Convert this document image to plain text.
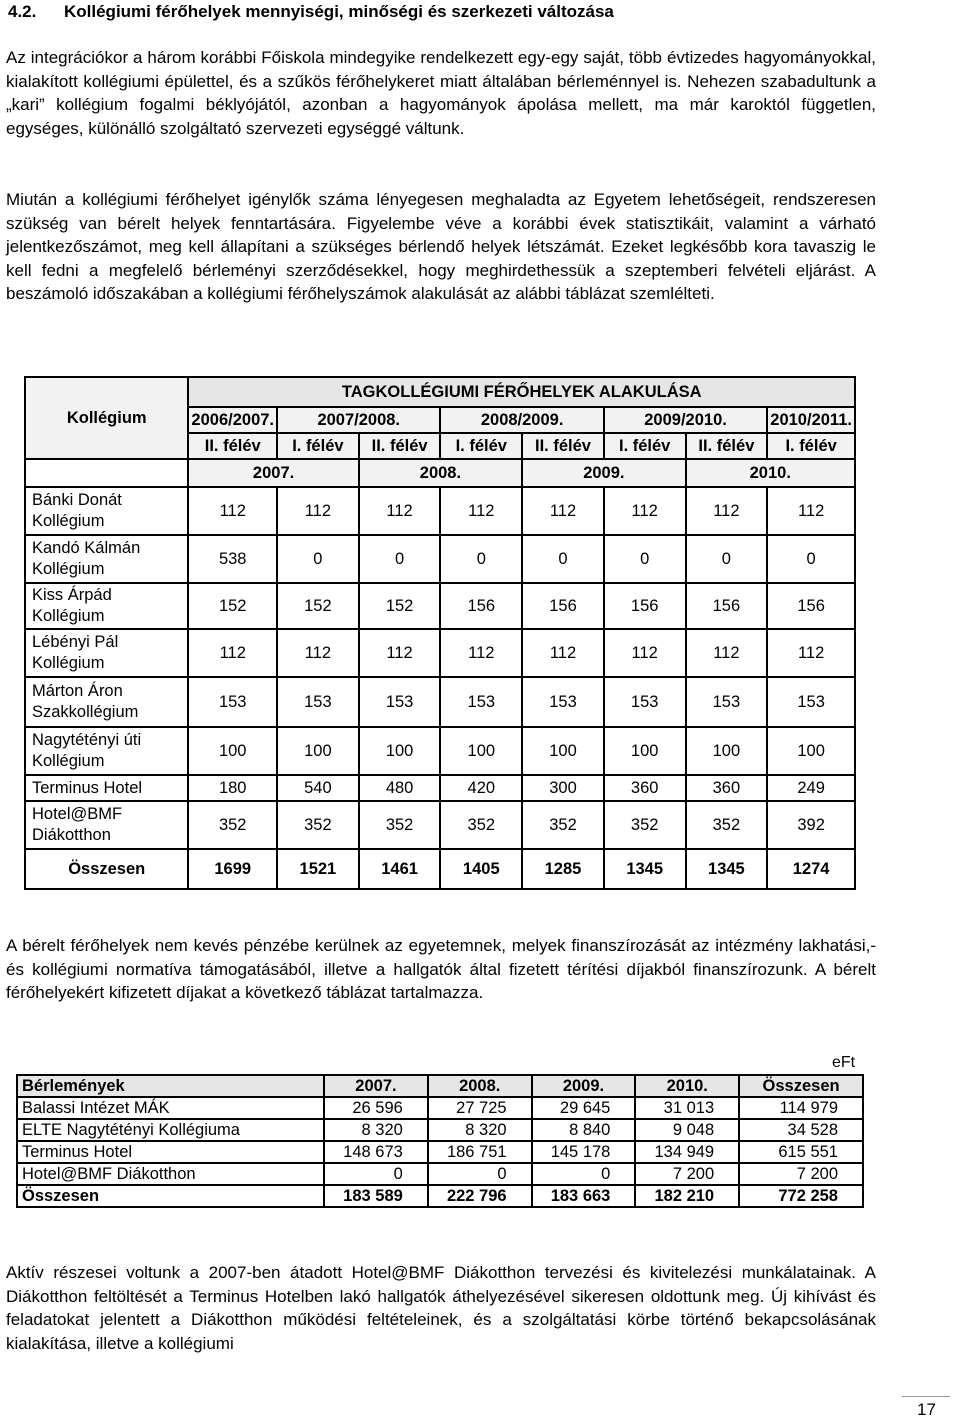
4.2. Kollégiumi férőhelyek mennyiségi, minőségi és szerkezeti változása

Az integrációkor a három korábbi Főiskola mindegyike rendelkezett egy-egy saját, több évtizedes hagyományokkal, kialakított kollégiumi épülettel, és a szűkös férőhelykeret miatt általában bérleménnyel is. Nehezen szabadultunk a „kari” kollégium fogalmi béklyójától, azonban a hagyományok ápolása mellett, ma már karoktól független, egységes, különálló szolgáltató szervezeti egységgé váltunk.

Miután a kollégiumi férőhelyet igénylők száma lényegesen meghaladta az Egyetem lehetőségeit, rendszeresen szükség van bérelt helyek fenntartására. Figyelembe véve a korábbi évek statisztikáit, valamint a várható jelentkezőszámot, meg kell állapítani a szükséges bérlendő helyek létszámát. Ezeket legkésőbb kora tavaszig le kell fedni a megfelelő bérleményi szerződésekkel, hogy meghirdethessük a szeptemberi felvételi eljárást. A beszámoló időszakában a kollégiumi férőhelyszámok alakulását az alábbi táblázat szemlélteti.

Kollégium	TAGKOLLÉGIUMI FÉRŐHELYEK ALAKULÁSA							
	2006/2007.	2007/2008.		2008/2009.		2009/2010.		2010/2011.
	II. félév	I. félév	II. félév	I. félév	II. félév	I. félév	II. félév	I. félév
	2007.		2008.		2009.		2010.	
Bánki Donát Kollégium	112	112	112	112	112	112	112	112
Kandó Kálmán Kollégium	538	0	0	0	0	0	0	0
Kiss Árpád Kollégium	152	152	152	156	156	156	156	156
Lébényi Pál Kollégium	112	112	112	112	112	112	112	112
Márton Áron Szakkollégium	153	153	153	153	153	153	153	153
Nagytétényi úti Kollégium	100	100	100	100	100	100	100	100
Terminus Hotel	180	540	480	420	300	360	360	249
Hotel@BMF Diákotthon	352	352	352	352	352	352	352	392
Összesen	1699	1521	1461	1405	1285	1345	1345	1274

A bérelt férőhelyek nem kevés pénzébe kerülnek az egyetemnek, melyek finanszírozását az intézmény lakhatási,- és kollégiumi normatíva támogatásából, illetve a hallgatók által fizetett térítési díjakból finanszírozunk. A bérelt férőhelyekért kifizetett díjakat a következő táblázat tartalmazza.

eFt
Bérlemények	2007.	2008.	2009.	2010.	Összesen
Balassi Intézet MÁK	26 596	27 725	29 645	31 013	114 979
ELTE Nagytétényi Kollégiuma	8 320	8 320	8 840	9 048	34 528
Terminus Hotel	148 673	186 751	145 178	134 949	615 551
Hotel@BMF Diákotthon	0	0	0	7 200	7 200
Összesen	183 589	222 796	183 663	182 210	772 258

Aktív részesei voltunk a 2007-ben átadott Hotel@BMF Diákotthon tervezési és kivitelezési munkálatainak. A Diákotthon feltöltését a Terminus Hotelben lakó hallgatók áthelyezésével sikeresen oldottunk meg. Új kihívást és feladatokat jelentett a Diákotthon működési feltételeinek, és a szolgáltatási körbe történő bekapcsolásának kialakítása, illetve a kollégiumi

17
